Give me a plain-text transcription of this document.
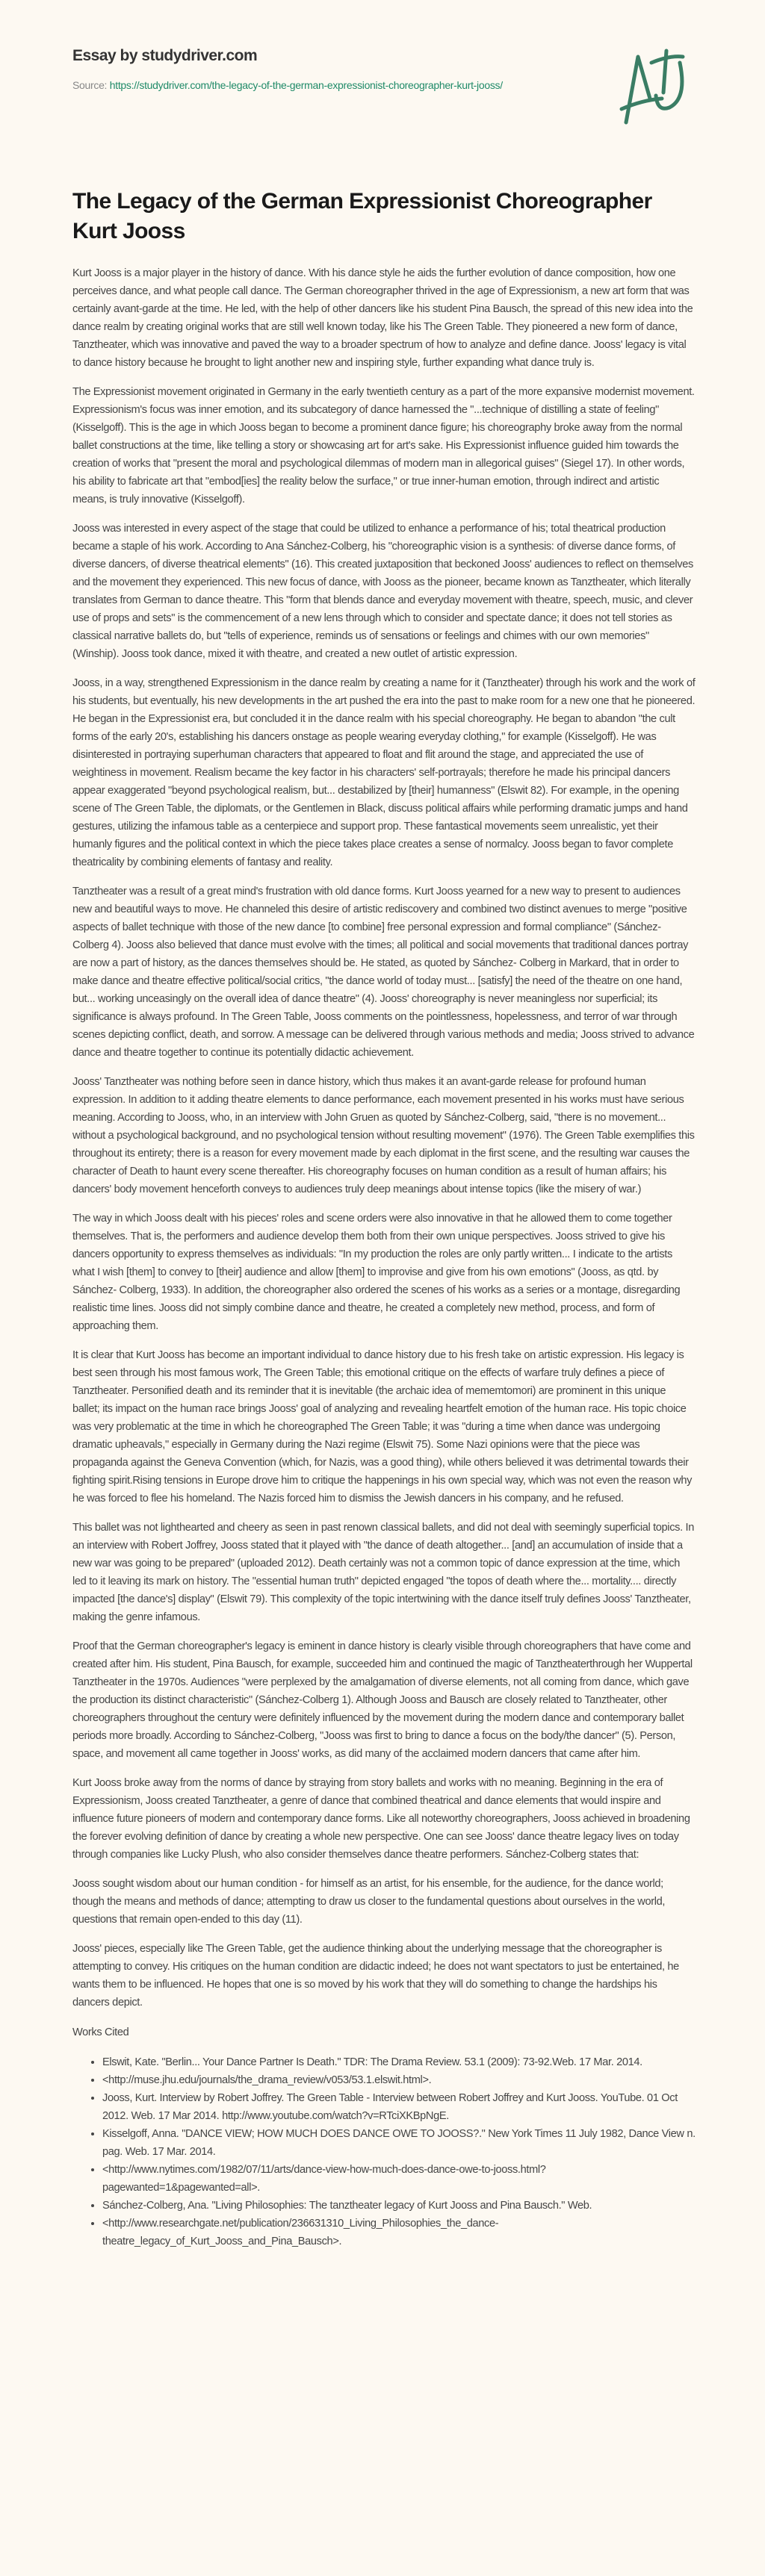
Essay by studydriver.com
Source: https://studydriver.com/the-legacy-of-the-german-expressionist-choreographer-kurt-jooss/
The Legacy of the German Expressionist Choreographer Kurt Jooss

Kurt Jooss is a major player in the history of dance. With his dance style he aids the further evolution of dance composition, how one perceives dance, and what people call dance. The German choreographer thrived in the age of Expressionism, a new art form that was certainly avant-garde at the time. He led, with the help of other dancers like his student Pina Bausch, the spread of this new idea into the dance realm by creating original works that are still well known today, like his The Green Table. They pioneered a new form of dance, Tanztheater, which was innovative and paved the way to a broader spectrum of how to analyze and define dance. Jooss' legacy is vital to dance history because he brought to light another new and inspiring style, further expanding what dance truly is.

The Expressionist movement originated in Germany in the early twentieth century as a part of the more expansive modernist movement. Expressionism's focus was inner emotion, and its subcategory of dance harnessed the "...technique of distilling a state of feeling" (Kisselgoff). This is the age in which Jooss began to become a prominent dance figure; his choreography broke away from the normal ballet constructions at the time, like telling a story or showcasing art for art's sake. His Expressionist influence guided him towards the creation of works that "present the moral and psychological dilemmas of modern man in allegorical guises" (Siegel 17). In other words, his ability to fabricate art that "embod[ies] the reality below the surface," or true inner-human emotion, through indirect and artistic means, is truly innovative (Kisselgoff).

Jooss was interested in every aspect of the stage that could be utilized to enhance a performance of his; total theatrical production became a staple of his work. According to Ana Sánchez-Colberg, his "choreographic vision is a synthesis: of diverse dance forms, of diverse dancers, of diverse theatrical elements" (16). This created juxtaposition that beckoned Jooss' audiences to reflect on themselves and the movement they experienced. This new focus of dance, with Jooss as the pioneer, became known as Tanztheater, which literally translates from German to dance theatre. This "form that blends dance and everyday movement with theatre, speech, music, and clever use of props and sets" is the commencement of a new lens through which to consider and spectate dance; it does not tell stories as classical narrative ballets do, but "tells of experience, reminds us of sensations or feelings and chimes with our own memories" (Winship). Jooss took dance, mixed it with theatre, and created a new outlet of artistic expression.

Jooss, in a way, strengthened Expressionism in the dance realm by creating a name for it (Tanztheater) through his work and the work of his students, but eventually, his new developments in the art pushed the era into the past to make room for a new one that he pioneered. He began in the Expressionist era, but concluded it in the dance realm with his special choreography. He began to abandon "the cult forms of the early 20's, establishing his dancers onstage as people wearing everyday clothing," for example (Kisselgoff). He was disinterested in portraying superhuman characters that appeared to float and flit around the stage, and appreciated the use of weightiness in movement. Realism became the key factor in his characters' self-portrayals; therefore he made his principal dancers appear exaggerated "beyond psychological realism, but... destabilized by [their] humanness" (Elswit 82). For example, in the opening scene of The Green Table, the diplomats, or the Gentlemen in Black, discuss political affairs while performing dramatic jumps and hand gestures, utilizing the infamous table as a centerpiece and support prop. These fantastical movements seem unrealistic, yet their humanly figures and the political context in which the piece takes place creates a sense of normalcy. Jooss began to favor complete theatricality by combining elements of fantasy and reality.

Tanztheater was a result of a great mind's frustration with old dance forms. Kurt Jooss yearned for a new way to present to audiences new and beautiful ways to move. He channeled this desire of artistic rediscovery and combined two distinct avenues to merge "positive aspects of ballet technique with those of the new dance [to combine] free personal expression and formal compliance" (Sánchez-Colberg 4). Jooss also believed that dance must evolve with the times; all political and social movements that traditional dances portray are now a part of history, as the dances themselves should be. He stated, as quoted by Sánchez- Colberg in Markard, that in order to make dance and theatre effective political/social critics, "the dance world of today must... [satisfy] the need of the theatre on one hand, but... working unceasingly on the overall idea of dance theatre" (4). Jooss' choreography is never meaningless nor superficial; its significance is always profound. In The Green Table, Jooss comments on the pointlessness, hopelessness, and terror of war through scenes depicting conflict, death, and sorrow. A message can be delivered through various methods and media; Jooss strived to advance dance and theatre together to continue its potentially didactic achievement.

Jooss' Tanztheater was nothing before seen in dance history, which thus makes it an avant-garde release for profound human expression. In addition to it adding theatre elements to dance performance, each movement presented in his works must have serious meaning. According to Jooss, who, in an interview with John Gruen as quoted by Sánchez-Colberg, said, "there is no movement... without a psychological background, and no psychological tension without resulting movement" (1976). The Green Table exemplifies this throughout its entirety; there is a reason for every movement made by each diplomat in the first scene, and the resulting war causes the character of Death to haunt every scene thereafter. His choreography focuses on human condition as a result of human affairs; his dancers' body movement henceforth conveys to audiences truly deep meanings about intense topics (like the misery of war.)

The way in which Jooss dealt with his pieces' roles and scene orders were also innovative in that he allowed them to come together themselves. That is, the performers and audience develop them both from their own unique perspectives. Jooss strived to give his dancers opportunity to express themselves as individuals: "In my production the roles are only partly written... I indicate to the artists what I wish [them] to convey to [their] audience and allow [them] to improvise and give from his own emotions" (Jooss, as qtd. by Sánchez- Colberg, 1933). In addition, the choreographer also ordered the scenes of his works as a series or a montage, disregarding realistic time lines. Jooss did not simply combine dance and theatre, he created a completely new method, process, and form of approaching them.

It is clear that Kurt Jooss has become an important individual to dance history due to his fresh take on artistic expression. His legacy is best seen through his most famous work, The Green Table; this emotional critique on the effects of warfare truly defines a piece of Tanztheater. Personified death and its reminder that it is inevitable (the archaic idea of mememtomori) are prominent in this unique ballet; its impact on the human race brings Jooss' goal of analyzing and revealing heartfelt emotion of the human race. His topic choice was very problematic at the time in which he choreographed The Green Table; it was "during a time when dance was undergoing dramatic upheavals," especially in Germany during the Nazi regime (Elswit 75). Some Nazi opinions were that the piece was propaganda against the Geneva Convention (which, for Nazis, was a good thing), while others believed it was detrimental towards their fighting spirit.Rising tensions in Europe drove him to critique the happenings in his own special way, which was not even the reason why he was forced to flee his homeland. The Nazis forced him to dismiss the Jewish dancers in his company, and he refused.

This ballet was not lighthearted and cheery as seen in past renown classical ballets, and did not deal with seemingly superficial topics. In an interview with Robert Joffrey, Jooss stated that it played with "the dance of death altogether... [and] an accumulation of inside that a new war was going to be prepared" (uploaded 2012). Death certainly was not a common topic of dance expression at the time, which led to it leaving its mark on history. The "essential human truth" depicted engaged "the topos of death where the... mortality.... directly impacted [the dance's] display" (Elswit 79). This complexity of the topic intertwining with the dance itself truly defines Jooss' Tanztheater, making the genre infamous.

Proof that the German choreographer's legacy is eminent in dance history is clearly visible through choreographers that have come and created after him. His student, Pina Bausch, for example, succeeded him and continued the magic of Tanztheaterthrough her Wuppertal Tanztheater in the 1970s. Audiences "were perplexed by the amalgamation of diverse elements, not all coming from dance, which gave the production its distinct characteristic" (Sánchez-Colberg 1). Although Jooss and Bausch are closely related to Tanztheater, other choreographers throughout the century were definitely influenced by the movement during the modern dance and contemporary ballet periods more broadly. According to Sánchez-Colberg, "Jooss was first to bring to dance a focus on the body/the dancer" (5). Person, space, and movement all came together in Jooss' works, as did many of the acclaimed modern dancers that came after him.

Kurt Jooss broke away from the norms of dance by straying from story ballets and works with no meaning. Beginning in the era of Expressionism, Jooss created Tanztheater, a genre of dance that combined theatrical and dance elements that would inspire and influence future pioneers of modern and contemporary dance forms. Like all noteworthy choreographers, Jooss achieved in broadening the forever evolving definition of dance by creating a whole new perspective. One can see Jooss' dance theatre legacy lives on today through companies like Lucky Plush, who also consider themselves dance theatre performers. Sánchez-Colberg states that:

Jooss sought wisdom about our human condition - for himself as an artist, for his ensemble, for the audience, for the dance world; though the means and methods of dance; attempting to draw us closer to the fundamental questions about ourselves in the world, questions that remain open-ended to this day (11).

Jooss' pieces, especially like The Green Table, get the audience thinking about the underlying message that the choreographer is attempting to convey. His critiques on the human condition are didactic indeed; he does not want spectators to just be entertained, he wants them to be influenced. He hopes that one is so moved by his work that they will do something to change the hardships his dancers depict.

Works Cited

• Elswit, Kate. "Berlin... Your Dance Partner Is Death." TDR: The Drama Review. 53.1 (2009): 73-92.Web. 17 Mar. 2014.
• <http://muse.jhu.edu/journals/the_drama_review/v053/53.1.elswit.html>.
• Jooss, Kurt. Interview by Robert Joffrey. The Green Table - Interview between Robert Joffrey and Kurt Jooss. YouTube. 01 Oct 2012. Web. 17 Mar 2014. http://www.youtube.com/watch?v=RTciXKBpNgE.
• Kisselgoff, Anna. "DANCE VIEW; HOW MUCH DOES DANCE OWE TO JOOSS?." New York Times 11 July 1982, Dance View n. pag. Web. 17 Mar. 2014.
• <http://www.nytimes.com/1982/07/11/arts/dance-view-how-much-does-dance-owe-to-jooss.html?pagewanted=1&pagewanted=all>.
• Sánchez-Colberg, Ana. "Living Philosophies: The tanztheater legacy of Kurt Jooss and Pina Bausch." Web.
• <http://www.researchgate.net/publication/236631310_Living_Philosophies_the_dance-theatre_legacy_of_Kurt_Jooss_and_Pina_Bausch>.
